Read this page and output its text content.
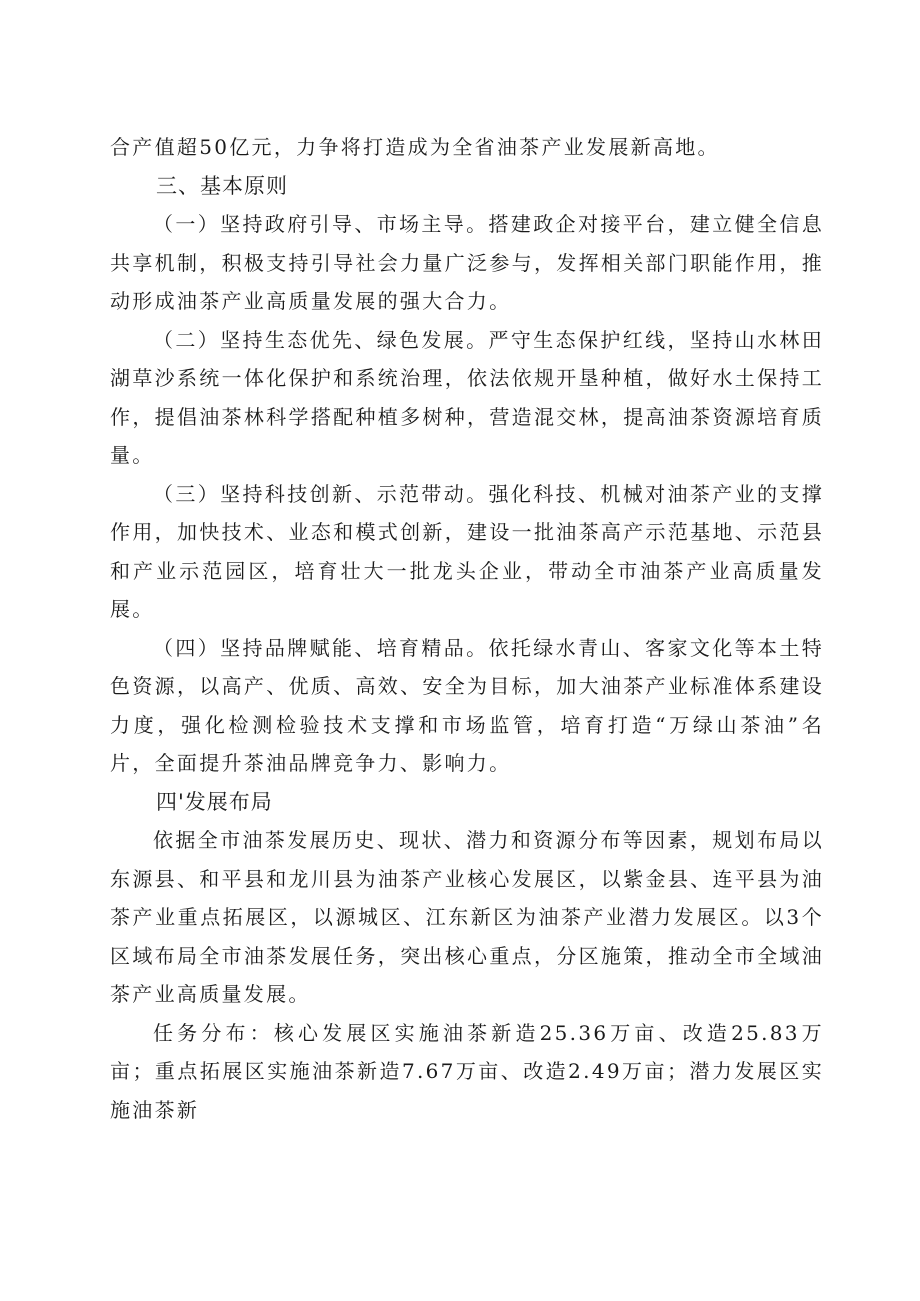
合产值超50亿元，力争将打造成为全省油茶产业发展新高地。

三、基本原则

（一）坚持政府引导、市场主导。搭建政企对接平台，建立健全信息共享机制，积极支持引导社会力量广泛参与，发挥相关部门职能作用，推动形成油茶产业高质量发展的强大合力。

（二）坚持生态优先、绿色发展。严守生态保护红线，坚持山水林田湖草沙系统一体化保护和系统治理，依法依规开垦种植，做好水土保持工作，提倡油茶林科学搭配种植多树种，营造混交林，提高油茶资源培育质量。

（三）坚持科技创新、示范带动。强化科技、机械对油茶产业的支撑作用，加快技术、业态和模式创新，建设一批油茶高产示范基地、示范县和产业示范园区，培育壮大一批龙头企业，带动全市油茶产业高质量发展。

（四）坚持品牌赋能、培育精品。依托绿水青山、客家文化等本土特色资源，以高产、优质、高效、安全为目标，加大油茶产业标准体系建设力度，强化检测检验技术支撑和市场监管，培育打造“万绿山茶油”名片，全面提升茶油品牌竞争力、影响力。

四'发展布局

依据全市油茶发展历史、现状、潜力和资源分布等因素，规划布局以东源县、和平县和龙川县为油茶产业核心发展区，以紫金县、连平县为油茶产业重点拓展区，以源城区、江东新区为油茶产业潜力发展区。以3个区域布局全市油茶发展任务，突出核心重点，分区施策，推动全市全域油茶产业高质量发展。

任务分布：核心发展区实施油茶新造25.36万亩、改造25.83万亩；重点拓展区实施油茶新造7.67万亩、改造2.49万亩；潜力发展区实施油茶新
